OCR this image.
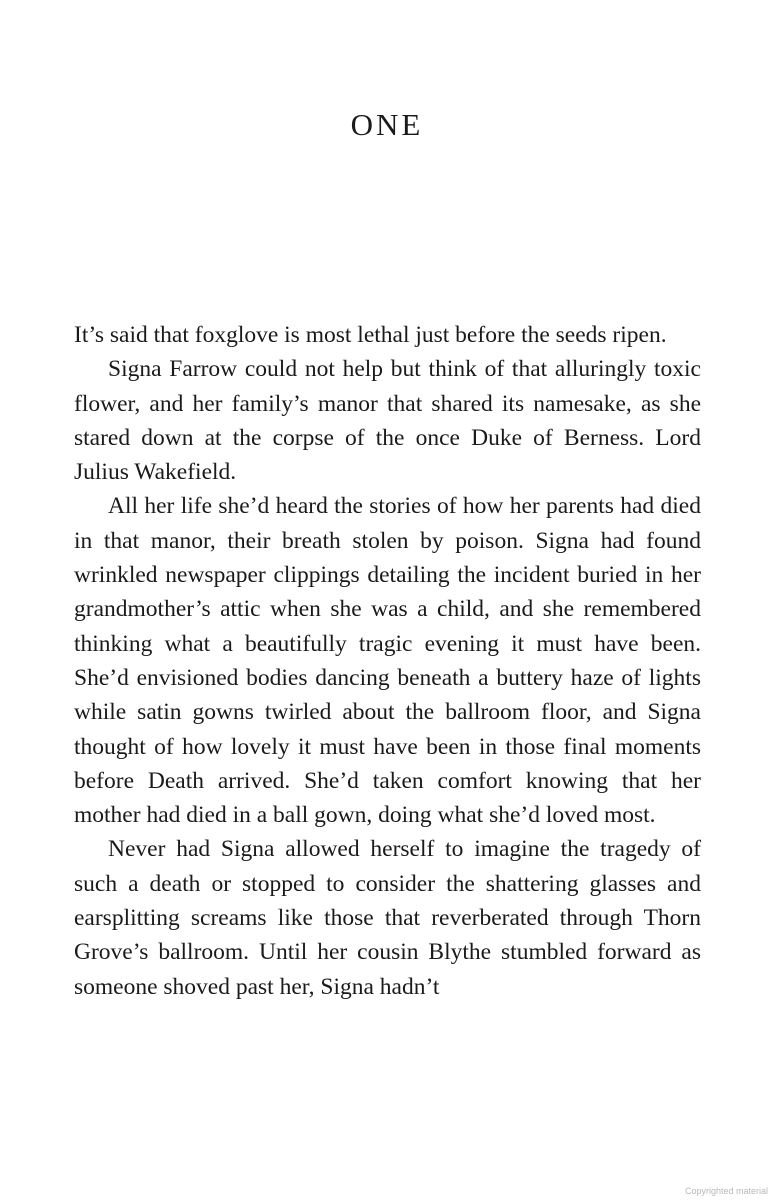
ONE

It’s said that foxglove is most lethal just before the seeds ripen.

Signa Farrow could not help but think of that alluringly toxic flower, and her family’s manor that shared its namesake, as she stared down at the corpse of the once Duke of Berness. Lord Julius Wakefield.

All her life she’d heard the stories of how her parents had died in that manor, their breath stolen by poison. Signa had found wrinkled newspaper clippings detailing the incident buried in her grandmother’s attic when she was a child, and she remembered thinking what a beautifully tragic evening it must have been. She’d envisioned bodies dancing beneath a buttery haze of lights while satin gowns twirled about the ballroom floor, and Signa thought of how lovely it must have been in those final moments before Death arrived. She’d taken comfort knowing that her mother had died in a ball gown, doing what she’d loved most.

Never had Signa allowed herself to imagine the tragedy of such a death or stopped to consider the shattering glasses and earsplitting screams like those that reverberated through Thorn Grove’s ballroom. Until her cousin Blythe stumbled forward as someone shoved past her, Signa hadn’t

Copyrighted material
